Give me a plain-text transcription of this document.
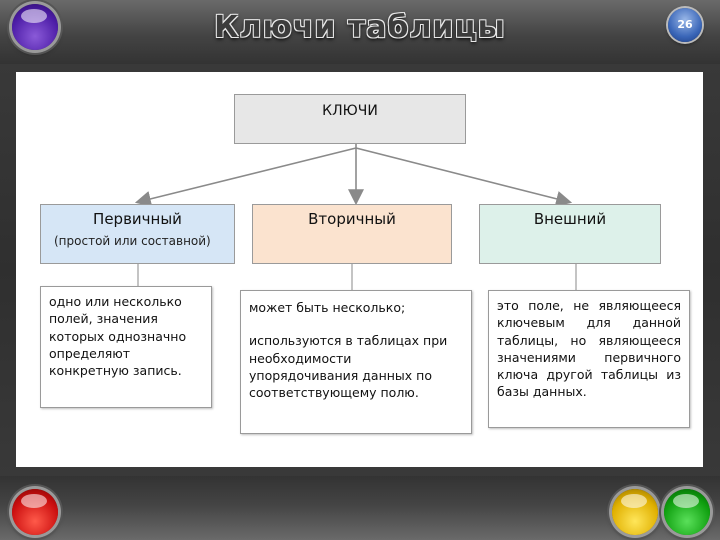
Ключи таблицы	26
КЛЮЧИ
Первичный
(простой или составной)
Вторичный	Внешний
одно или несколько полей, значения которых однозначно определяют конкретную запись.
может быть несколько;
используются в таблицах при необходимости упорядочивания данных по соответствующему полю.
это поле, не являющееся ключевым для данной таблицы, но являющееся значениями первичного ключа другой таблицы из базы данных.
